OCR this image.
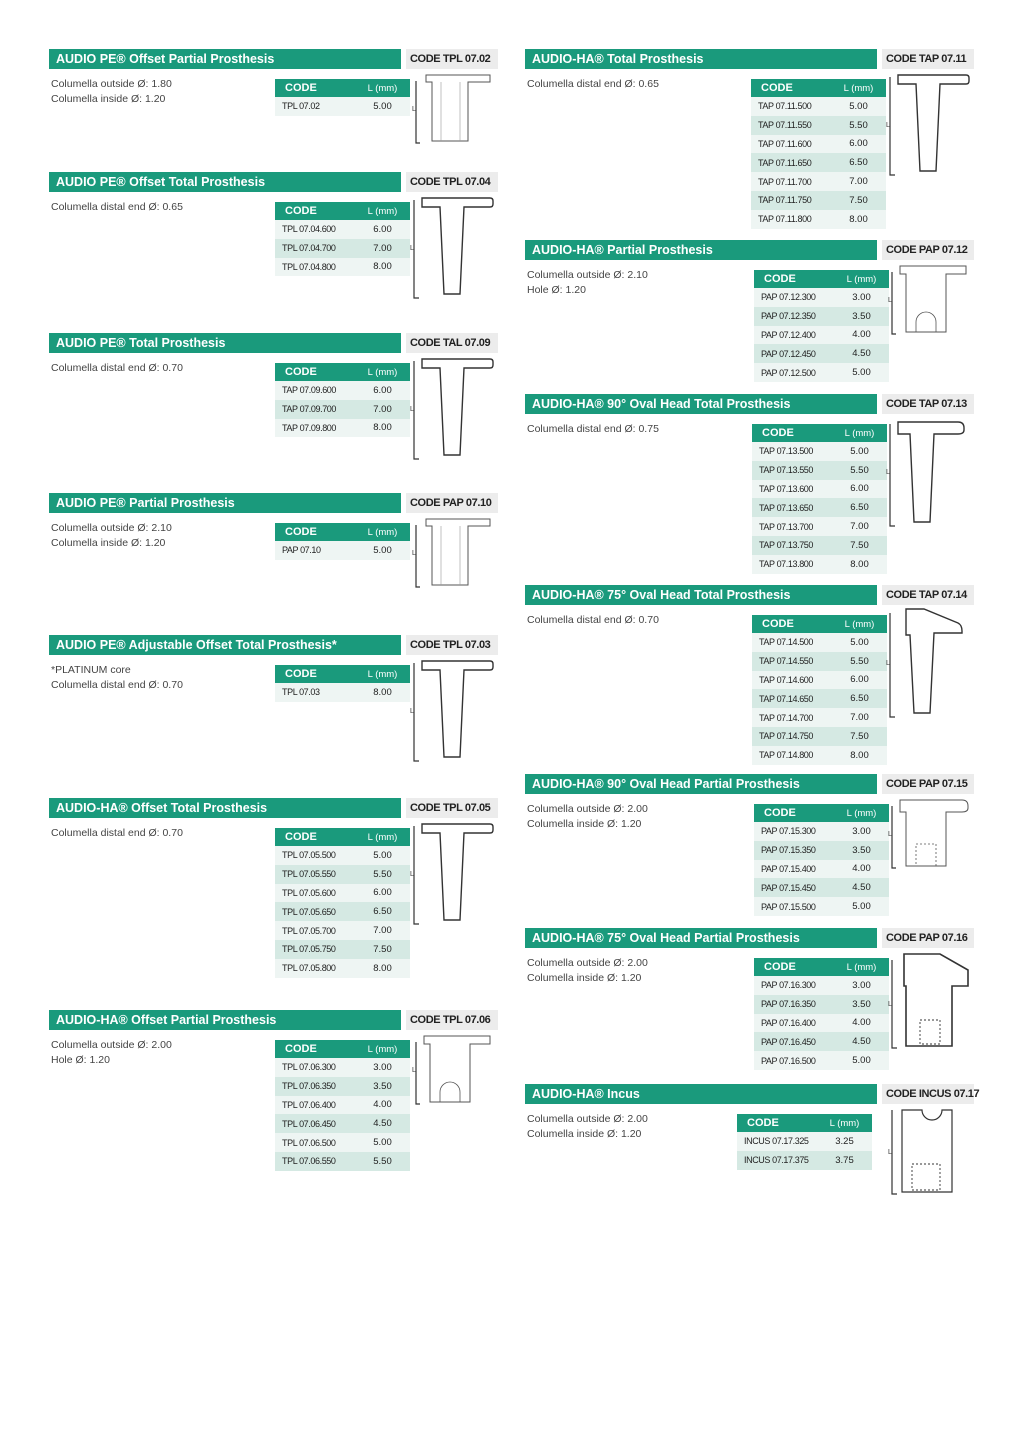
AUDIO PE® Offset Partial Prosthesis	CODE TPL 07.02
Columella outside Ø: 1.80
Columella inside Ø: 1.20
CODE	L (mm)
TPL 07.02	5.00	L
AUDIO PE® Offset Total Prosthesis	CODE TPL 07.04
Columella distal end Ø: 0.65	CODE	L (mm)
TPL 07.04.600	6.00
TPL 07.04.700	7.00
TPL 07.04.800	8.00
L
AUDIO PE® Total Prosthesis	CODE TAL 07.09
Columella distal end Ø: 0.70	CODE	L (mm)
TAP 07.09.600	6.00
TAP 07.09.700	7.00
TAP 07.09.800	8.00
L
AUDIO PE® Partial Prosthesis	CODE PAP 07.10
Columella outside Ø: 2.10
Columella inside Ø: 1.20
CODE	L (mm)
PAP 07.10	5.00	L
AUDIO PE® Adjustable Offset Total Prosthesis*	CODE TPL 07.03
*PLATINUM core
Columella distal end Ø: 0.70
CODE	L (mm)
TPL 07.03	8.00
L
AUDIO-HA® Offset Total Prosthesis	CODE TPL 07.05
Columella distal end Ø: 0.70	CODE	L (mm)
TPL 07.05.500	5.00
TPL 07.05.550	5.50
TPL 07.05.600	6.00
TPL 07.05.650	6.50
TPL 07.05.700	7.00
TPL 07.05.750	7.50
TPL 07.05.800	8.00
L
AUDIO-HA® Offset Partial Prosthesis	CODE TPL 07.06
Columella outside Ø: 2.00
Hole Ø: 1.20
CODE	L (mm)
TPL 07.06.300	3.00
TPL 07.06.350	3.50
TPL 07.06.400	4.00
TPL 07.06.450	4.50
TPL 07.06.500	5.00
TPL 07.06.550	5.50
L
AUDIO-HA® Total Prosthesis	CODE TAP 07.11
Columella distal end Ø: 0.65	CODE	L (mm)
TAP 07.11.500	5.00
TAP 07.11.550	5.50
TAP 07.11.600	6.00
TAP 07.11.650	6.50
TAP 07.11.700	7.00
TAP 07.11.750	7.50
TAP 07.11.800	8.00
L
AUDIO-HA® Partial Prosthesis	CODE PAP 07.12
Columella outside Ø: 2.10
Hole Ø: 1.20
CODE	L (mm)
PAP 07.12.300	3.00
PAP 07.12.350	3.50
PAP 07.12.400	4.00
PAP 07.12.450	4.50
PAP 07.12.500	5.00
L
AUDIO-HA® 90° Oval Head Total Prosthesis	CODE TAP 07.13
Columella distal end Ø: 0.75	CODE	L (mm)
TAP 07.13.500	5.00
TAP 07.13.550	5.50
TAP 07.13.600	6.00
TAP 07.13.650	6.50
TAP 07.13.700	7.00
TAP 07.13.750	7.50
TAP 07.13.800	8.00
L
AUDIO-HA® 75° Oval Head Total Prosthesis	CODE TAP 07.14
Columella distal end Ø: 0.70	CODE	L (mm)
TAP 07.14.500	5.00
TAP 07.14.550	5.50
TAP 07.14.600	6.00
TAP 07.14.650	6.50
TAP 07.14.700	7.00
TAP 07.14.750	7.50
TAP 07.14.800	8.00
L
AUDIO-HA® 90° Oval Head Partial Prosthesis	CODE PAP 07.15
Columella outside Ø: 2.00
Columella inside Ø: 1.20
CODE	L (mm)
PAP 07.15.300	3.00
PAP 07.15.350	3.50
PAP 07.15.400	4.00
PAP 07.15.450	4.50
PAP 07.15.500	5.00
L
AUDIO-HA® 75° Oval Head Partial Prosthesis	CODE PAP 07.16
Columella outside Ø: 2.00
Columella inside Ø: 1.20
CODE	L (mm)
PAP 07.16.300	3.00
PAP 07.16.350	3.50
PAP 07.16.400	4.00
PAP 07.16.450	4.50
PAP 07.16.500	5.00
L
AUDIO-HA® Incus	CODE INCUS 07.17
Columella outside Ø: 2.00
Columella inside Ø: 1.20
CODE	L (mm)
INCUS 07.17.325	3.25
INCUS 07.17.375	3.75
L
